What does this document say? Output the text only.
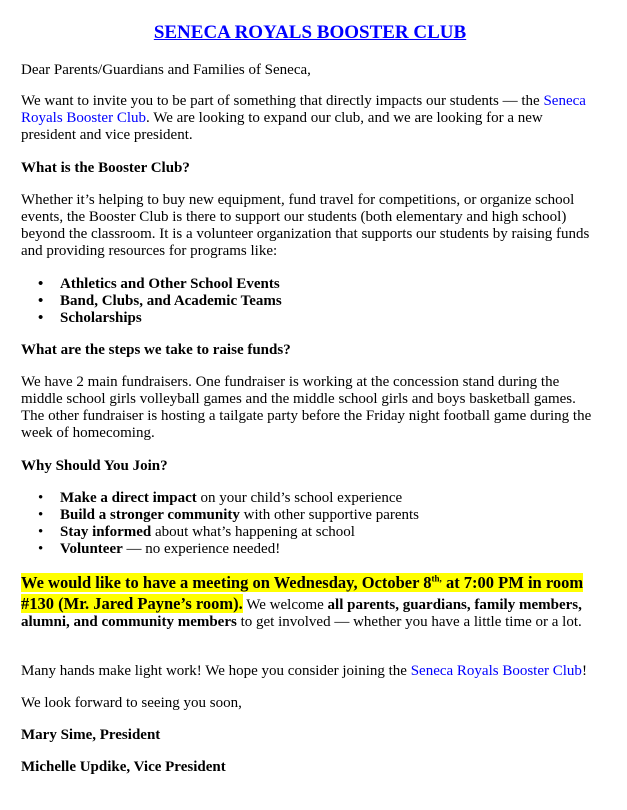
SENECA ROYALS BOOSTER CLUB

Dear Parents/Guardians and Families of Seneca,

We want to invite you to be part of something that directly impacts our students — the Seneca Royals Booster Club. We are looking to expand our club, and we are looking for a new president and vice president.

What is the Booster Club?

Whether it’s helping to buy new equipment, fund travel for competitions, or organize school events, the Booster Club is there to support our students (both elementary and high school) beyond the classroom. It is a volunteer organization that supports our students by raising funds and providing resources for programs like:

• Athletics and Other School Events
• Band, Clubs, and Academic Teams
• Scholarships

What are the steps we take to raise funds?

We have 2 main fundraisers. One fundraiser is working at the concession stand during the middle school girls volleyball games and the middle school girls and boys basketball games. The other fundraiser is hosting a tailgate party before the Friday night football game during the week of homecoming.

Why Should You Join?

• Make a direct impact on your child’s school experience
• Build a stronger community with other supportive parents
• Stay informed about what’s happening at school
• Volunteer — no experience needed!

We would like to have a meeting on Wednesday, October $8^{th,}$ at 7:00 PM in room #130 (Mr. Jared Payne’s room). We welcome all parents, guardians, family members, alumni, and community members to get involved — whether you have a little time or a lot.

Many hands make light work! We hope you consider joining the Seneca Royals Booster Club!

We look forward to seeing you soon,

Mary Sime, President

Michelle Updike, Vice President
